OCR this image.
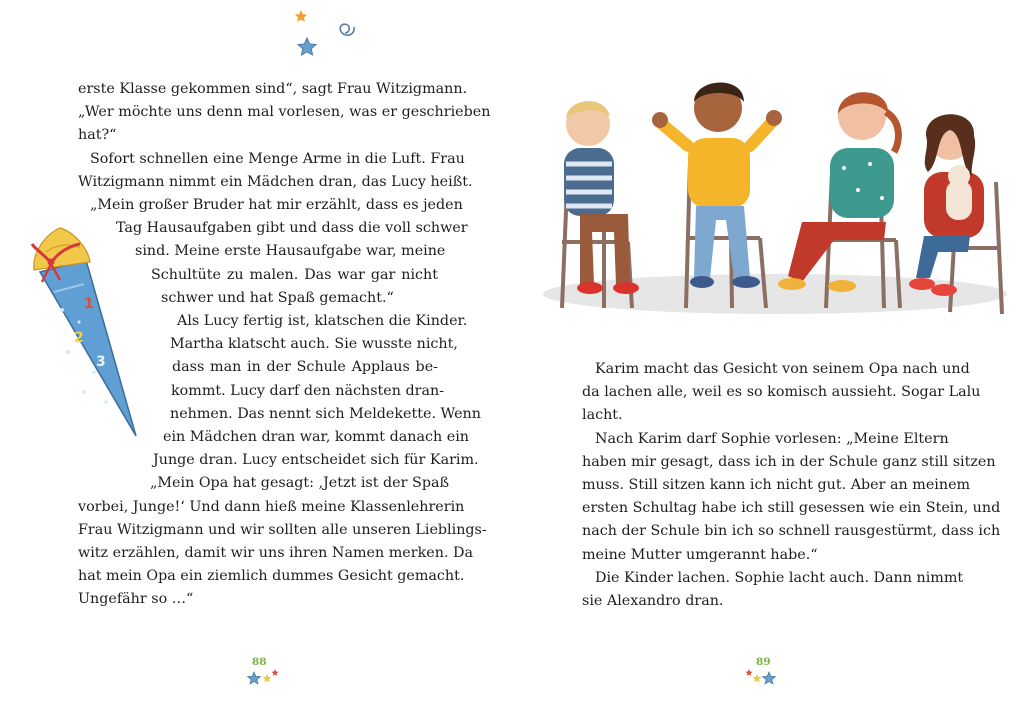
1
2
3
erste Klasse gekommen sind“, sagt Frau Witzigmann.
„Wer möchte uns denn mal vorlesen, was er geschrieben
hat?“
Sofort schnellen eine Menge Arme in die Luft. Frau
Witzigmann nimmt ein Mädchen dran, das Lucy heißt.
„Mein großer Bruder hat mir erzählt, dass es jeden
Tag Hausaufgaben gibt und dass die voll schwer
sind. Meine erste Hausaufgabe war, meine
Schultüte zu malen. Das war gar nicht
schwer und hat Spaß gemacht.“
Als Lucy fertig ist, klatschen die Kinder.
Martha klatscht auch. Sie wusste nicht,
dass man in der Schule Applaus be-
kommt. Lucy darf den nächsten dran-
nehmen. Das nennt sich Meldekette. Wenn
ein Mädchen dran war, kommt danach ein
Junge dran. Lucy entscheidet sich für Karim.
„Mein Opa hat gesagt: ‚Jetzt ist der Spaß
vorbei, Junge!‘ Und dann hieß meine Klassenlehrerin
Frau Witzigmann und wir sollten alle unseren Lieblings-
witz erzählen, damit wir uns ihren Namen merken. Da
hat mein Opa ein ziemlich dummes Gesicht gemacht.
Ungefähr so …“
88
Karim macht das Gesicht von seinem Opa nach und
da lachen alle, weil es so komisch aussieht. Sogar Lalu
lacht.
Nach Karim darf Sophie vorlesen: „Meine Eltern
haben mir gesagt, dass ich in der Schule ganz still sitzen
muss. Still sitzen kann ich nicht gut. Aber an meinem
ersten Schultag habe ich still gesessen wie ein Stein, und
nach der Schule bin ich so schnell rausgestürmt, dass ich
meine Mutter umgerannt habe.“
Die Kinder lachen. Sophie lacht auch. Dann nimmt
sie Alexandro dran.
89
